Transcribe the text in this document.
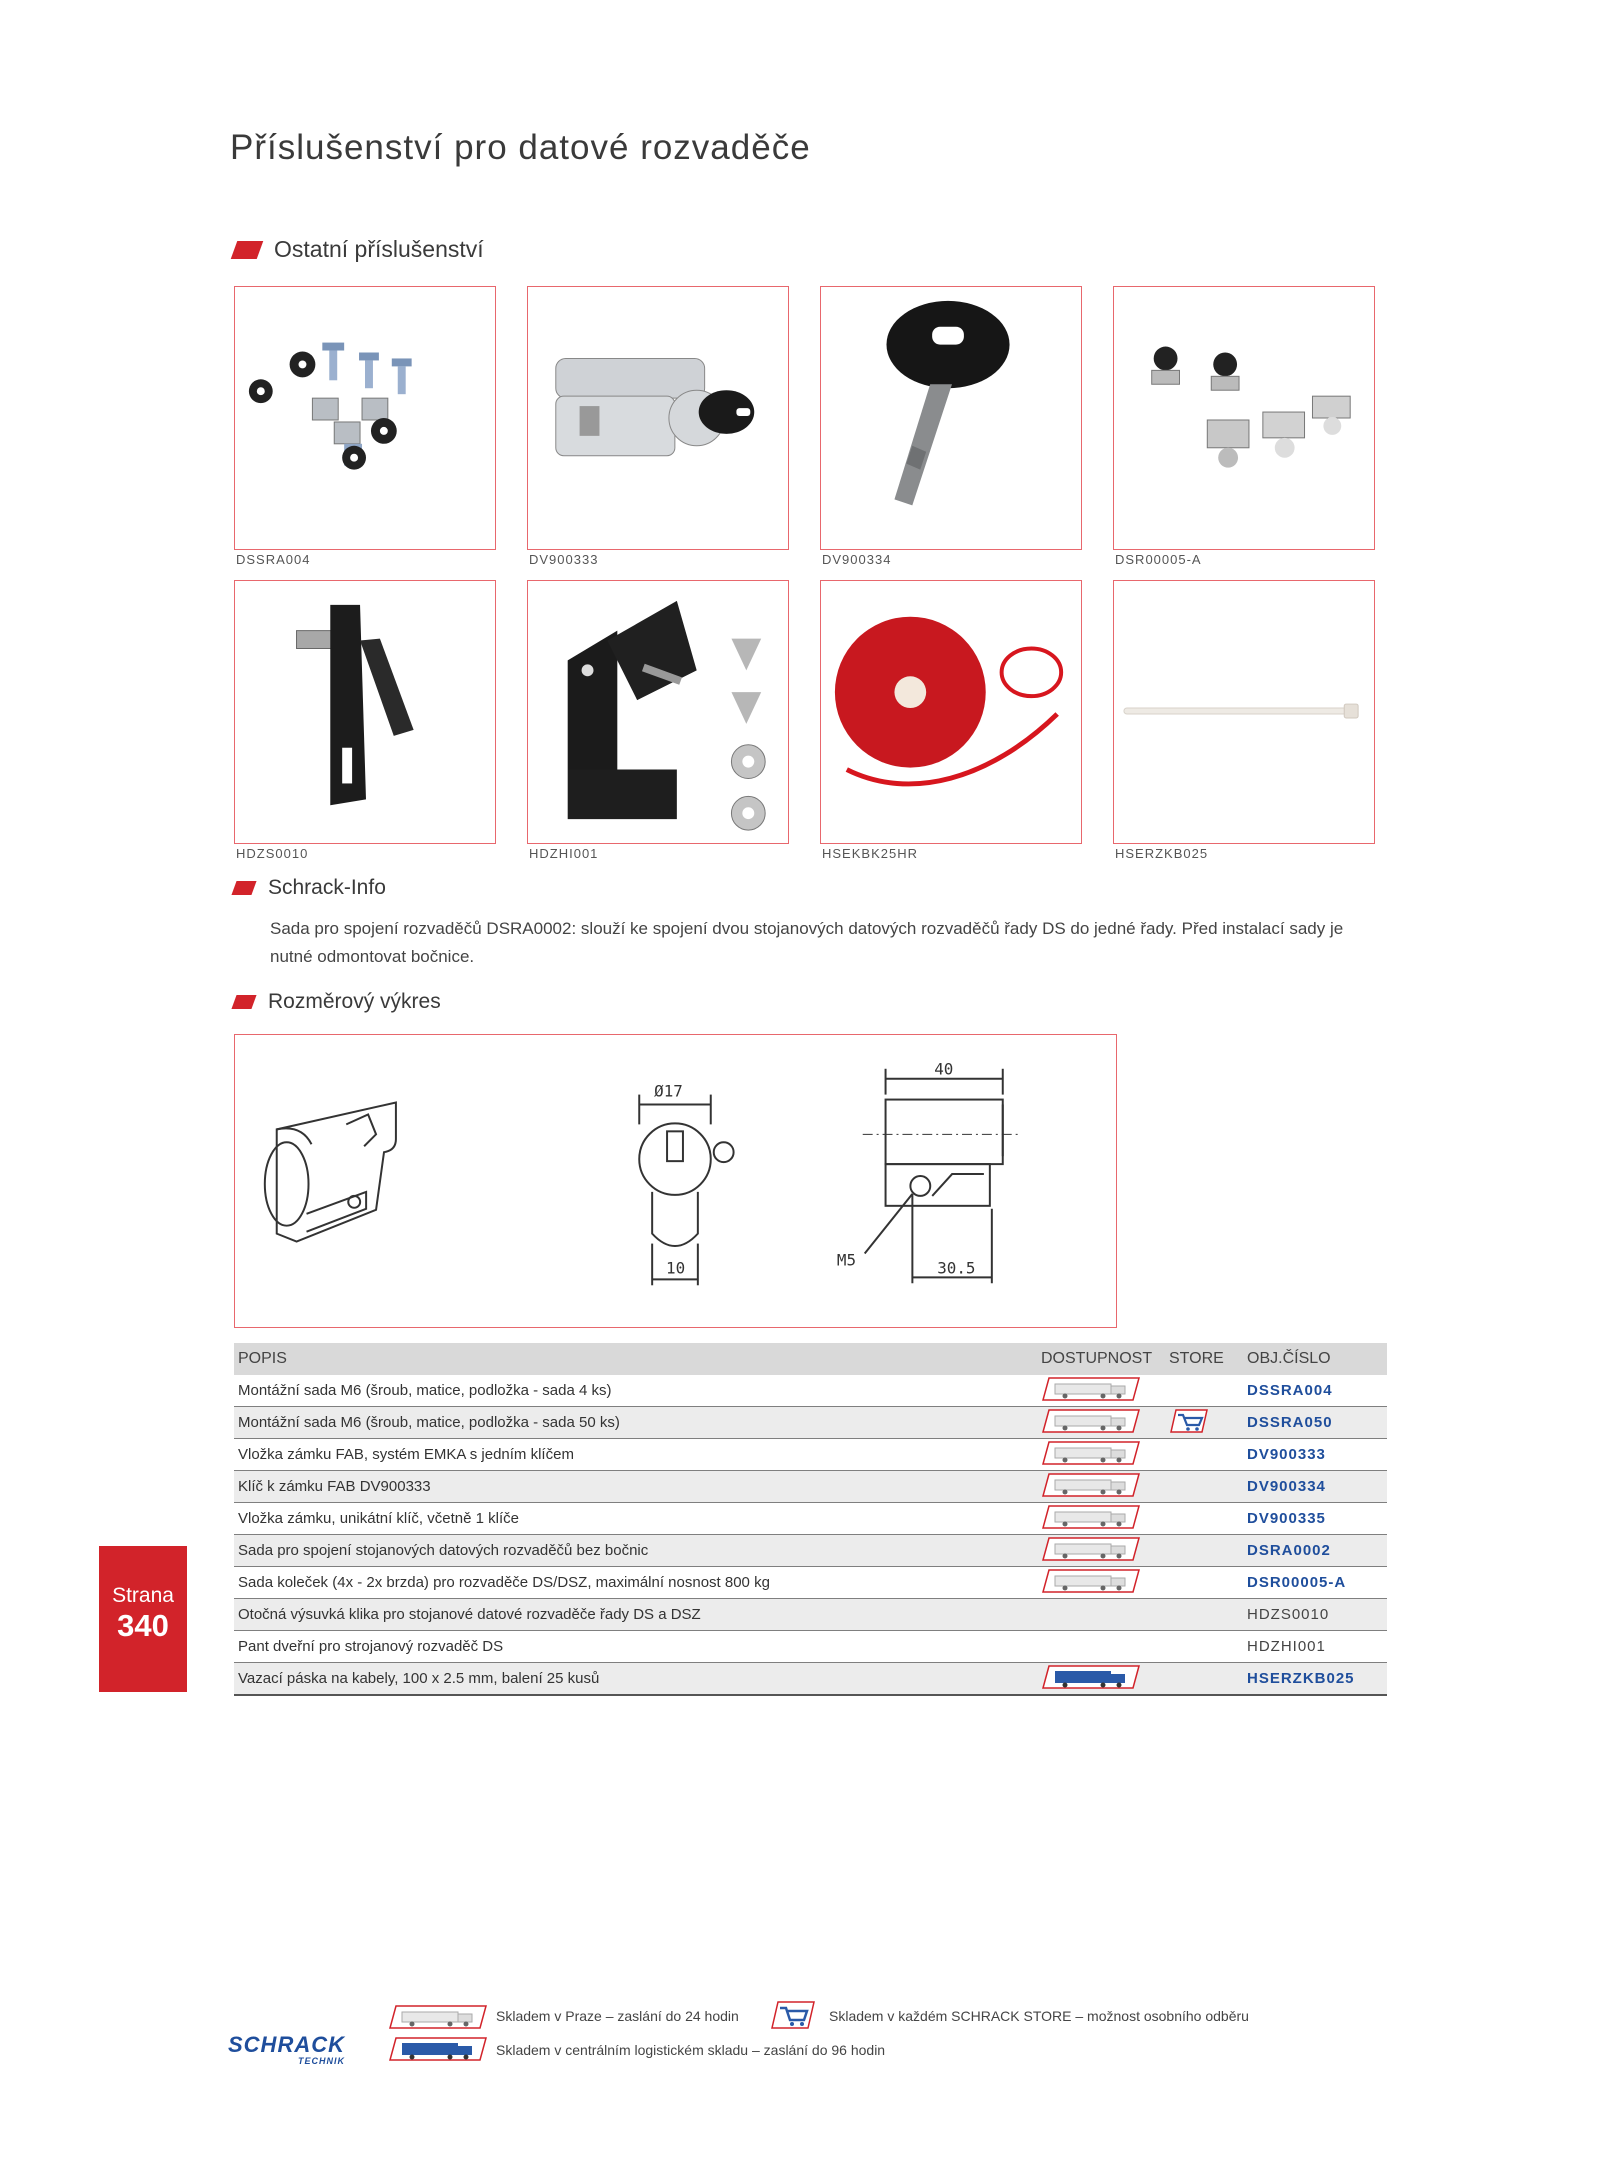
Příslušenství pro datové rozvaděče
Ostatní příslušenství
DSSRA004	DV900333	DV900334	DSR00005-A
HDZS0010	HDZHI001	HSEKBK25HR	HSERZKB025
Schrack-Info
Sada pro spojení rozvaděčů DSRA0002: slouží ke spojení dvou stojanových datových rozvaděčů řady DS do jedné řady. Před instalací sady je nutné odmontovat bočnice.
Rozměrový výkres
Ø17
10
40
30.5
M5
POPIS	DOSTUPNOST	STORE	OBJ.ČÍSLO
Montážní sada M6 (šroub, matice, podložka - sada 4 ks)			DSSRA004
Montážní sada M6 (šroub, matice, podložka - sada 50 ks)			DSSRA050
Vložka zámku FAB, systém EMKA s jedním klíčem			DV900333
Klíč k zámku FAB DV900333			DV900334
Vložka zámku, unikátní klíč, včetně 1 klíče			DV900335
Sada pro spojení stojanových datových rozvaděčů bez bočnic			DSRA0002
Sada koleček (4x - 2x brzda) pro rozvaděče DS/DSZ, maximální nosnost 800 kg			DSR00005-A
Otočná výsuvká klika pro stojanové datové rozvaděče řady DS a DSZ			HDZS0010
Pant dveřní pro strojanový rozvaděč DS			HDZHI001
Vazací páska na kabely, 100 x 2.5 mm, balení 25 kusů			HSERZKB025
Strana
340
Skladem v Praze – zaslání do 24 hodin	Skladem v každém SCHRACK STORE – možnost osobního odběru
Skladem v centrálním logistickém skladu – zaslání do 96 hodin
SCHRACK
TECHNIK
